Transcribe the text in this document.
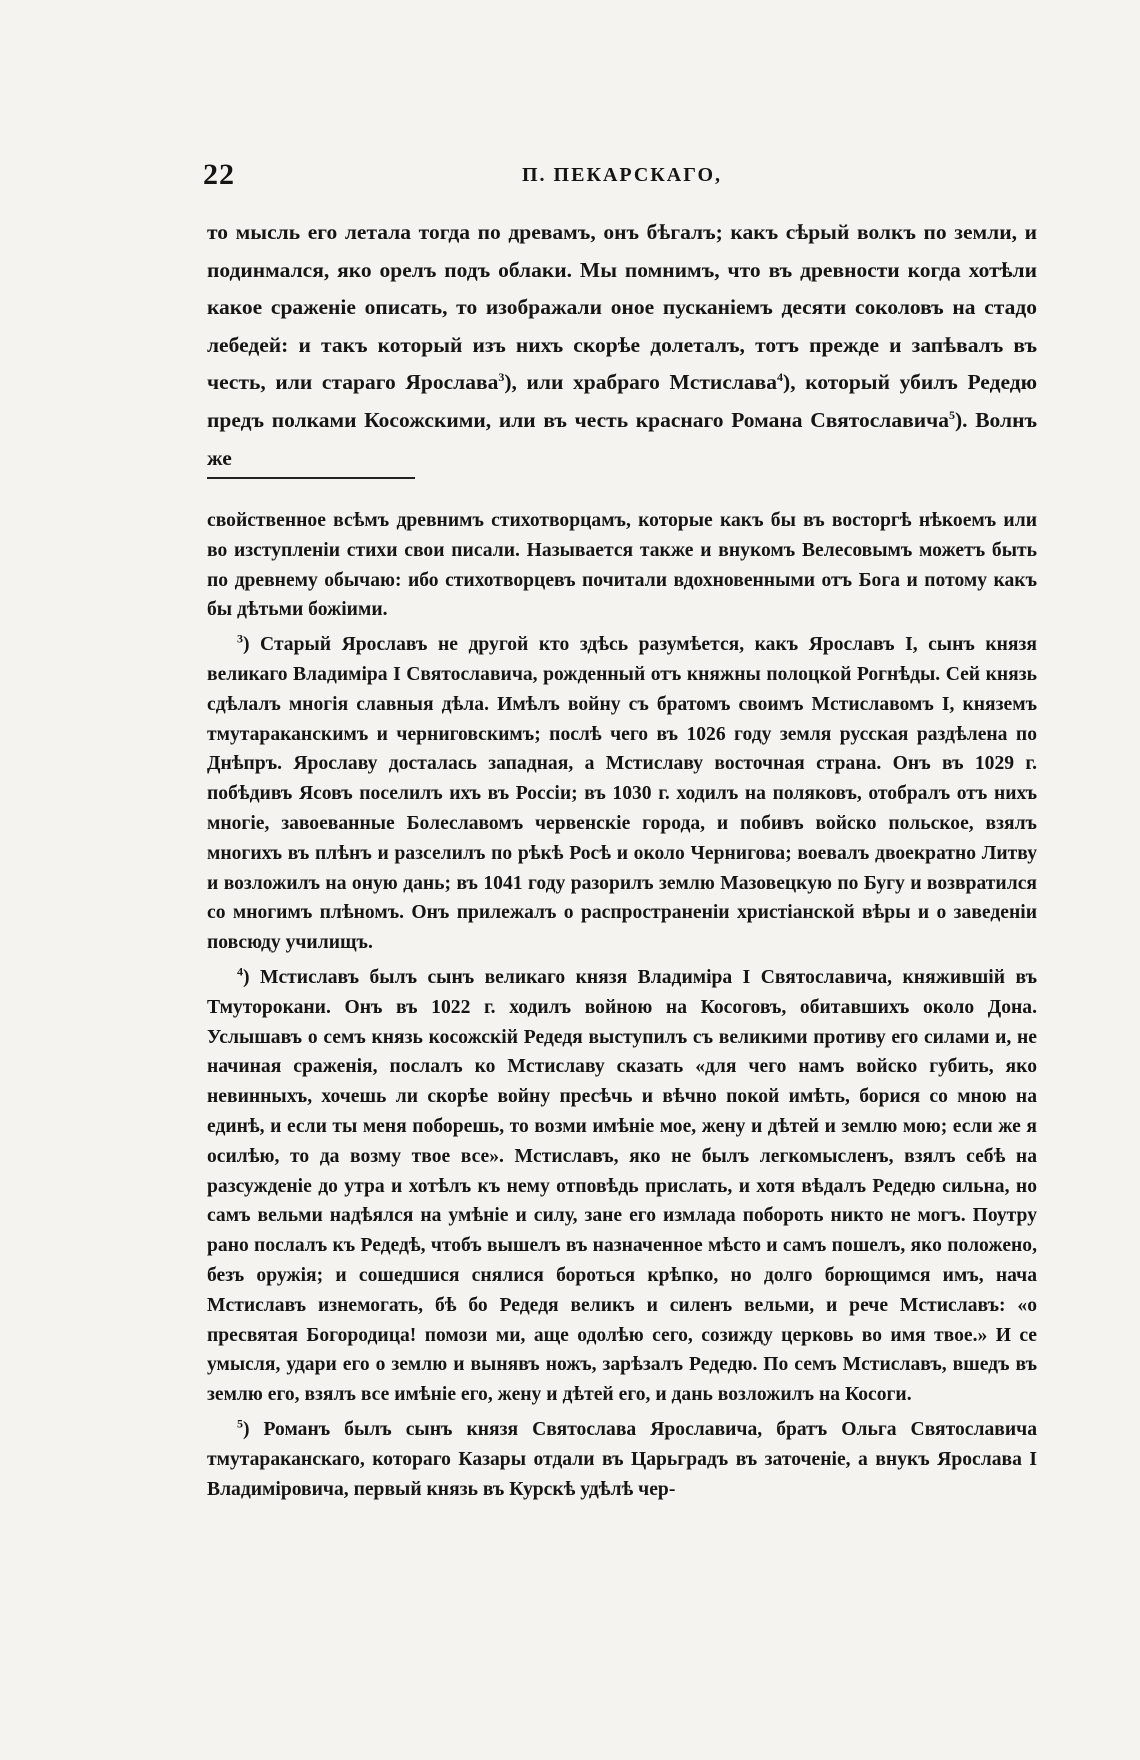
22	П. ПЕКАРСКАГО,

то мысль его летала тогда по древамъ, онъ бѣгалъ; какъ сѣрый волкъ по земли, и подинмался, яко орелъ подъ облаки. Мы помнимъ, что въ древности когда хотѣли какое сраженіе описать, то изображали оное пусканіемъ десяти соколовъ на стадо лебедей: и такъ который изъ нихъ скорѣе долеталъ, тотъ прежде и запѣвалъ въ честь, или стараго Ярослава$^3$), или храбраго Мстислава$^4$), который убилъ Редедю предъ полками Косожскими, или въ честь краснаго Романа Святославича$^5$). Волнъ же

свойственное всѣмъ древнимъ стихотворцамъ, которые какъ бы въ восторгѣ нѣкоемъ или во изступленіи стихи свои писали. Называется также и внукомъ Велесовымъ можетъ быть по древнему обычаю: ибо стихотворцевъ почитали вдохновенными отъ Бога и потому какъ бы дѣтьми божіими.

$^3$) Старый Ярославъ не другой кто здѣсь разумѣется, какъ Ярославъ I, сынъ князя великаго Владиміра I Святославича, рожденный отъ княжны полоцкой Рогнѣды. Сей князь сдѣлалъ многія славныя дѣла. Имѣлъ войну съ братомъ своимъ Мстиславомъ I, княземъ тмутараканскимъ и черниговскимъ; послѣ чего въ 1026 году земля русская раздѣлена по Днѣпръ. Ярославу досталась западная, а Мстиславу восточная страна. Онъ въ 1029 г. побѣдивъ Ясовъ поселилъ ихъ въ Россіи; въ 1030 г. ходилъ на поляковъ, отобралъ отъ нихъ многіе, завоеванные Болеславомъ червенскіе города, и побивъ войско польское, взялъ многихъ въ плѣнъ и разселилъ по рѣкѣ Росѣ и около Чернигова; воевалъ двоекратно Литву и возложилъ на оную дань; въ 1041 году разорилъ землю Мазовецкую по Бугу и возвратился со многимъ плѣномъ. Онъ прилежалъ о распространеніи христіанской вѣры и о заведеніи повсюду училищъ.

$^4$) Мстиславъ былъ сынъ великаго князя Владиміра I Святославича, княжившій въ Тмуторокани. Онъ въ 1022 г. ходилъ войною на Косоговъ, обитавшихъ около Дона. Услышавъ о семъ князь косожскій Редедя выступилъ съ великими противу его силами и, не начиная сраженія, послалъ ко Мстиславу сказать «для чего намъ войско губить, яко невинныхъ, хочешь ли скорѣе войну пресѣчь и вѣчно покой имѣть, борися со мною на единѣ, и если ты меня поборешь, то возми имѣніе мое, жену и дѣтей и землю мою; если же я осилѣю, то да возму твое все». Мстиславъ, яко не былъ легкомысленъ, взялъ себѣ на разсужденіе до утра и хотѣлъ къ нему отповѣдь прислать, и хотя вѣдалъ Редедю сильна, но самъ вельми надѣялся на умѣніе и силу, зане его измлада побороть никто не могъ. Поутру рано послалъ къ Редедѣ, чтобъ вышелъ въ назначенное мѣсто и самъ пошелъ, яко положено, безъ оружія; и сошедшися снялися бороться крѣпко, но долго борющимся имъ, нача Мстиславъ изнемогать, бѣ бо Редедя великъ и силенъ вельми, и рече Мстиславъ: «о пресвятая Богородица! помози ми, аще одолѣю сего, созижду церковь во имя твое.» И се умысля, удари его о землю и вынявъ ножъ, зарѣзалъ Редедю. По семъ Мстиславъ, вшедъ въ землю его, взялъ все имѣніе его, жену и дѣтей его, и дань возложилъ на Косоги.

$^5$) Романъ былъ сынъ князя Святослава Ярославича, братъ Ольга Святославича тмутараканскаго, котораго Казары отдали въ Царьградъ въ заточеніе, а внукъ Ярослава I Владиміровича, первый князь въ Курскѣ удѣлѣ чер-
